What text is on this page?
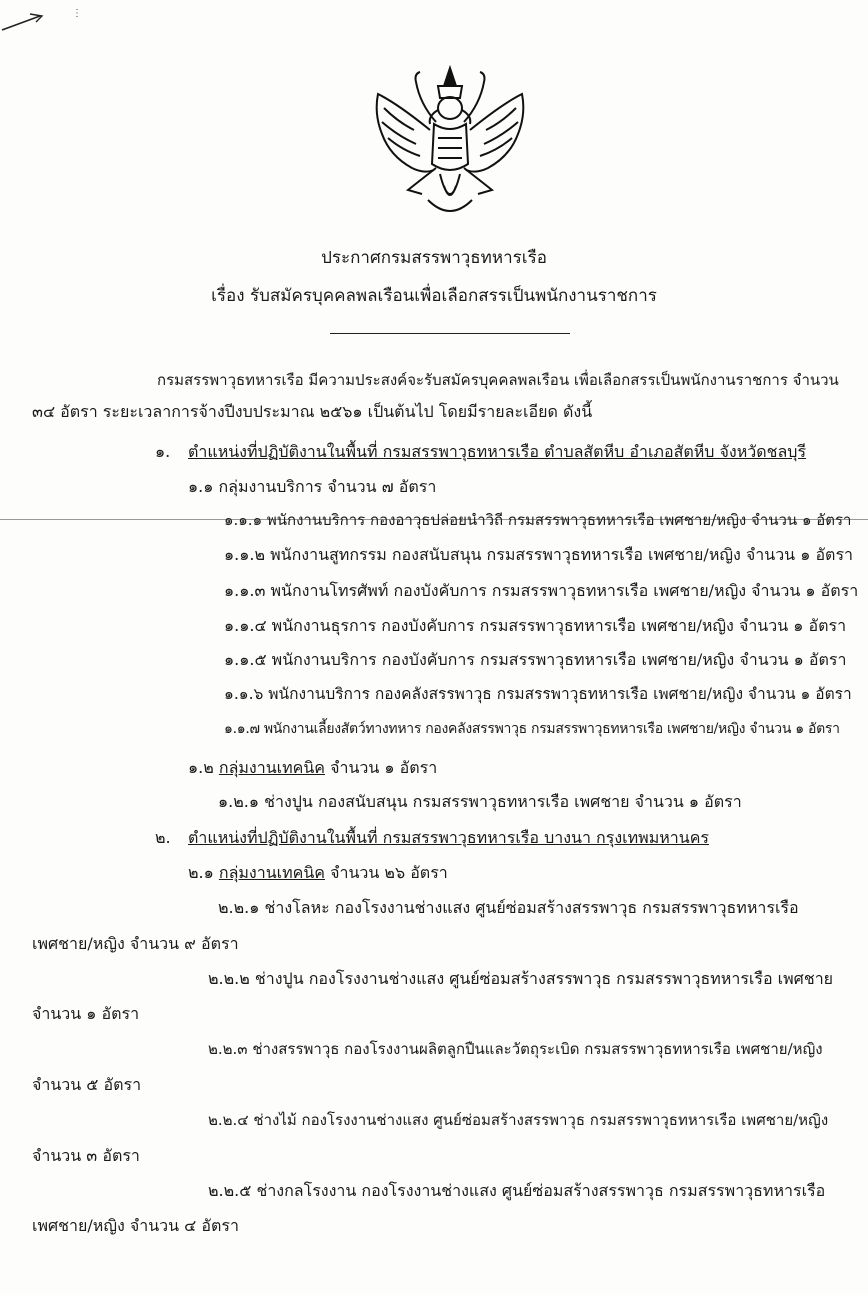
⋮
ประกาศกรมสรรพาวุธทหารเรือ
เรื่อง รับสมัครบุคคลพลเรือนเพื่อเลือกสรรเป็นพนักงานราชการ
กรมสรรพาวุธทหารเรือ มีความประสงค์จะรับสมัครบุคคลพลเรือน เพื่อเลือกสรรเป็นพนักงานราชการ จำนวน
๓๔ อัตรา ระยะเวลาการจ้างปีงบประมาณ ๒๕๖๑ เป็นต้นไป โดยมีรายละเอียด ดังนี้
๑. ตำแหน่งที่ปฏิบัติงานในพื้นที่ กรมสรรพาวุธทหารเรือ ตำบลสัตหีบ อำเภอสัตหีบ จังหวัดชลบุรี
๑.๑ กลุ่มงานบริการ จำนวน ๗ อัตรา
๑.๑.๑ พนักงานบริการ กองอาวุธปล่อยนำวิถี กรมสรรพาวุธทหารเรือ เพศชาย/หญิง จำนวน ๑ อัตรา
๑.๑.๒ พนักงานสูทกรรม กองสนับสนุน กรมสรรพาวุธทหารเรือ เพศชาย/หญิง จำนวน ๑ อัตรา
๑.๑.๓ พนักงานโทรศัพท์ กองบังคับการ กรมสรรพาวุธทหารเรือ เพศชาย/หญิง จำนวน ๑ อัตรา
๑.๑.๔ พนักงานธุรการ กองบังคับการ กรมสรรพาวุธทหารเรือ เพศชาย/หญิง จำนวน ๑ อัตรา
๑.๑.๕ พนักงานบริการ กองบังคับการ กรมสรรพาวุธทหารเรือ เพศชาย/หญิง จำนวน ๑ อัตรา
๑.๑.๖ พนักงานบริการ กองคลังสรรพาวุธ กรมสรรพาวุธทหารเรือ เพศชาย/หญิง จำนวน ๑ อัตรา
๑.๑.๗ พนักงานเลี้ยงสัตว์ทางทหาร กองคลังสรรพาวุธ กรมสรรพาวุธทหารเรือ เพศชาย/หญิง จำนวน ๑ อัตรา
๑.๒ กลุ่มงานเทคนิค จำนวน ๑ อัตรา
๑.๒.๑ ช่างปูน กองสนับสนุน กรมสรรพาวุธทหารเรือ เพศชาย จำนวน ๑ อัตรา
๒. ตำแหน่งที่ปฏิบัติงานในพื้นที่ กรมสรรพาวุธทหารเรือ บางนา กรุงเทพมหานคร
๒.๑ กลุ่มงานเทคนิค จำนวน ๒๖ อัตรา
๒.๒.๑ ช่างโลหะ กองโรงงานช่างแสง ศูนย์ซ่อมสร้างสรรพาวุธ กรมสรรพาวุธทหารเรือ
เพศชาย/หญิง จำนวน ๙ อัตรา
๒.๒.๒ ช่างปูน กองโรงงานช่างแสง ศูนย์ซ่อมสร้างสรรพาวุธ กรมสรรพาวุธทหารเรือ เพศชาย
จำนวน ๑ อัตรา
๒.๒.๓ ช่างสรรพาวุธ กองโรงงานผลิตลูกปืนและวัตถุระเบิด กรมสรรพาวุธทหารเรือ เพศชาย/หญิง
จำนวน ๕ อัตรา
๒.๒.๔ ช่างไม้ กองโรงงานช่างแสง ศูนย์ซ่อมสร้างสรรพาวุธ กรมสรรพาวุธทหารเรือ เพศชาย/หญิง
จำนวน ๓ อัตรา
๒.๒.๕ ช่างกลโรงงาน กองโรงงานช่างแสง ศูนย์ซ่อมสร้างสรรพาวุธ กรมสรรพาวุธทหารเรือ
เพศชาย/หญิง จำนวน ๔ อัตรา
